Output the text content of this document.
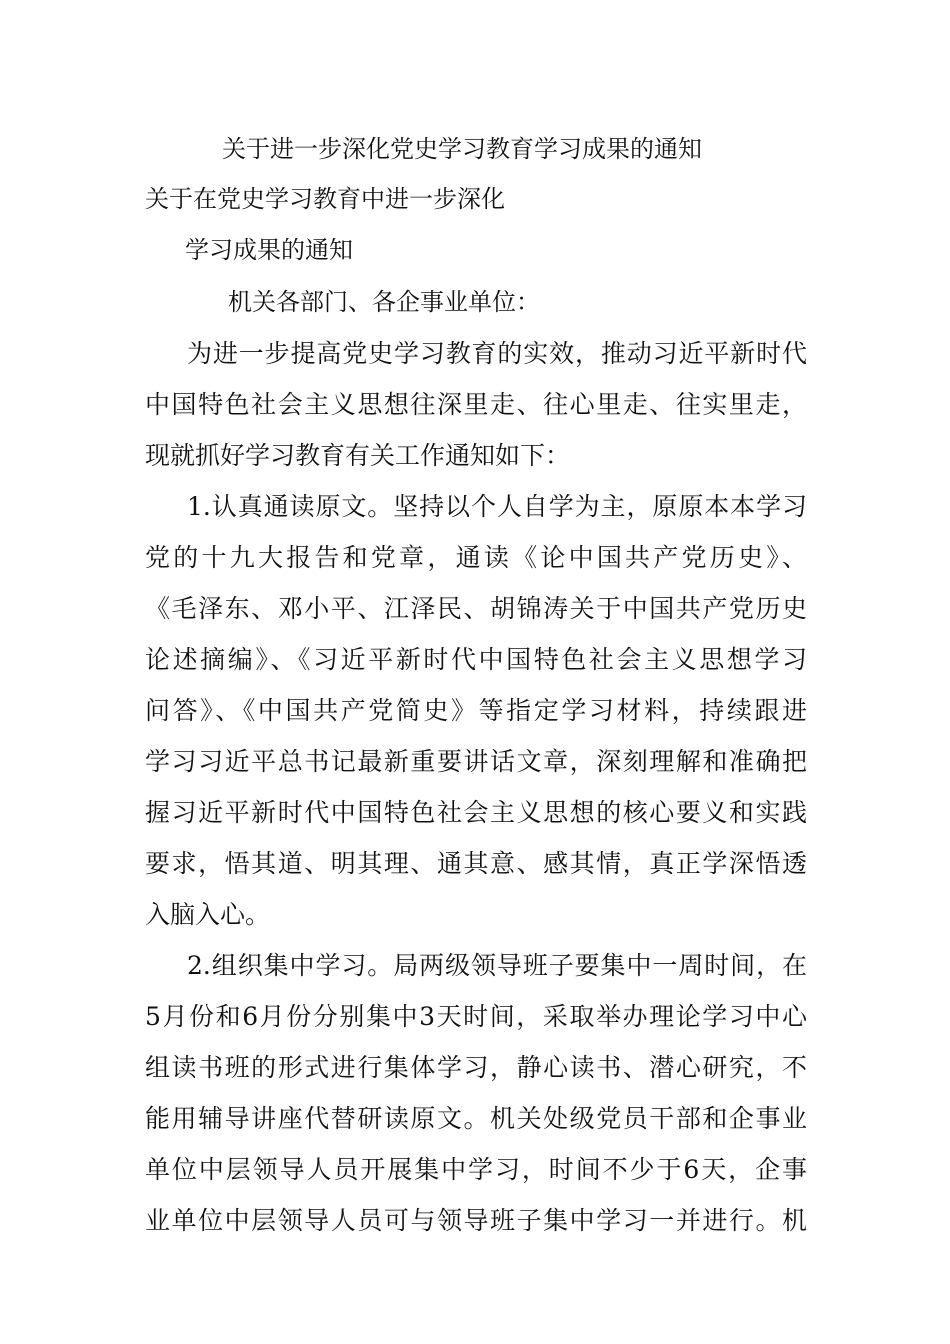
关于进一步深化党史学习教育学习成果的通知
关于在党史学习教育中进一步深化
学习成果的通知
机关各部门、各企事业单位：
为进一步提高党史学习教育的实效，推动习近平新时代
中国特色社会主义思想往深里走、往心里走、往实里走，
现就抓好学习教育有关工作通知如下：
1.认真通读原文。坚持以个人自学为主，原原本本学习
党的十九大报告和党章，通读《论中国共产党历史》、
《毛泽东、邓小平、江泽民、胡锦涛关于中国共产党历史
论述摘编》、《习近平新时代中国特色社会主义思想学习
问答》、《中国共产党简史》等指定学习材料，持续跟进
学习习近平总书记最新重要讲话文章，深刻理解和准确把
握习近平新时代中国特色社会主义思想的核心要义和实践
要求，悟其道、明其理、通其意、感其情，真正学深悟透
入脑入心。
2.组织集中学习。局两级领导班子要集中一周时间，在
5月份和6月份分别集中3天时间，采取举办理论学习中心
组读书班的形式进行集体学习，静心读书、潜心研究，不
能用辅导讲座代替研读原文。机关处级党员干部和企事业
单位中层领导人员开展集中学习，时间不少于6天，企事
业单位中层领导人员可与领导班子集中学习一并进行。机
